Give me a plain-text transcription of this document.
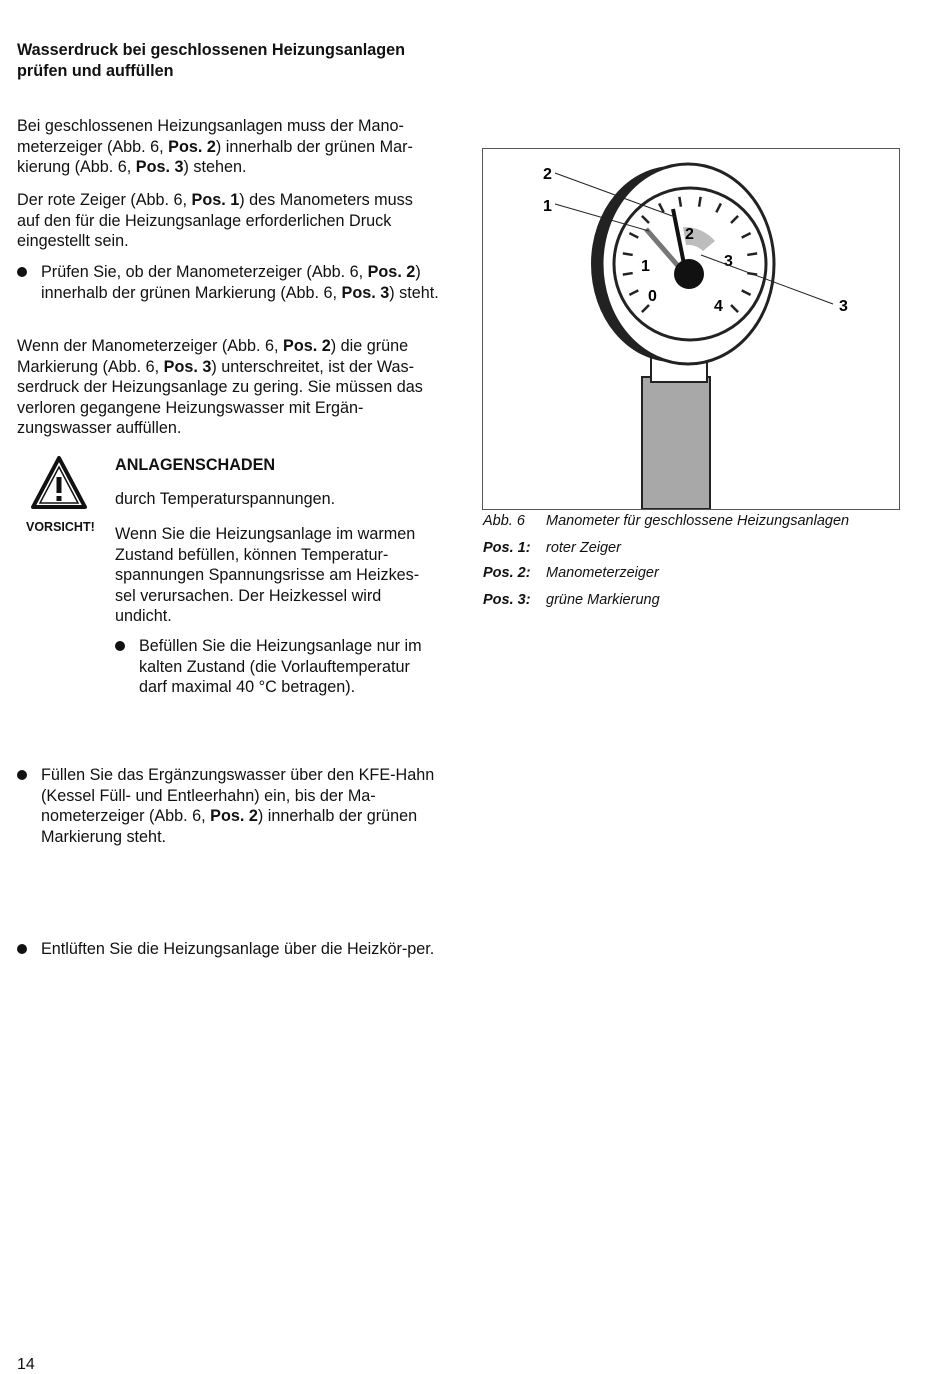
Wasserdruck bei geschlossenen Heizungsanlagen prüfen und auffüllen

Bei geschlossenen Heizungsanlagen muss der Mano-meterzeiger (Abb. 6, Pos. 2) innerhalb der grünen Mar-kierung (Abb. 6, Pos. 3) stehen.

Der rote Zeiger (Abb. 6, Pos. 1) des Manometers muss auf den für die Heizungsanlage erforderlichen Druck eingestellt sein.

Prüfen Sie, ob der Manometerzeiger (Abb. 6, Pos. 2) innerhalb der grünen Markierung (Abb. 6, Pos. 3) steht.

Wenn der Manometerzeiger (Abb. 6, Pos. 2) die grüne Markierung (Abb. 6, Pos. 3) unterschreitet, ist der Was-serdruck der Heizungsanlage zu gering. Sie müssen das verloren gegangene Heizungswasser mit Ergän-zungswasser auffüllen.

VORSICHT!
ANLAGENSCHADEN
durch Temperaturspannungen.
Wenn Sie die Heizungsanlage im warmen Zustand befüllen, können Temperatur-spannungen Spannungsrisse am Heizkes-sel verursachen. Der Heizkessel wird undicht.

Befüllen Sie die Heizungsanlage nur im kalten Zustand (die Vorlauftemperatur darf maximal 40 °C betragen).

Füllen Sie das Ergänzungswasser über den KFE-Hahn (Kessel Füll- und Entleerhahn) ein, bis der Ma-nometerzeiger (Abb. 6, Pos. 2) innerhalb der grünen Markierung steht.

Entlüften Sie die Heizungsanlage über die Heizkör-per.

0
1
2
3
4
2
1
3
Abb. 6 Manometer für geschlossene Heizungsanlagen
Pos. 1: roter Zeiger
Pos. 2: Manometerzeiger
Pos. 3: grüne Markierung
14
